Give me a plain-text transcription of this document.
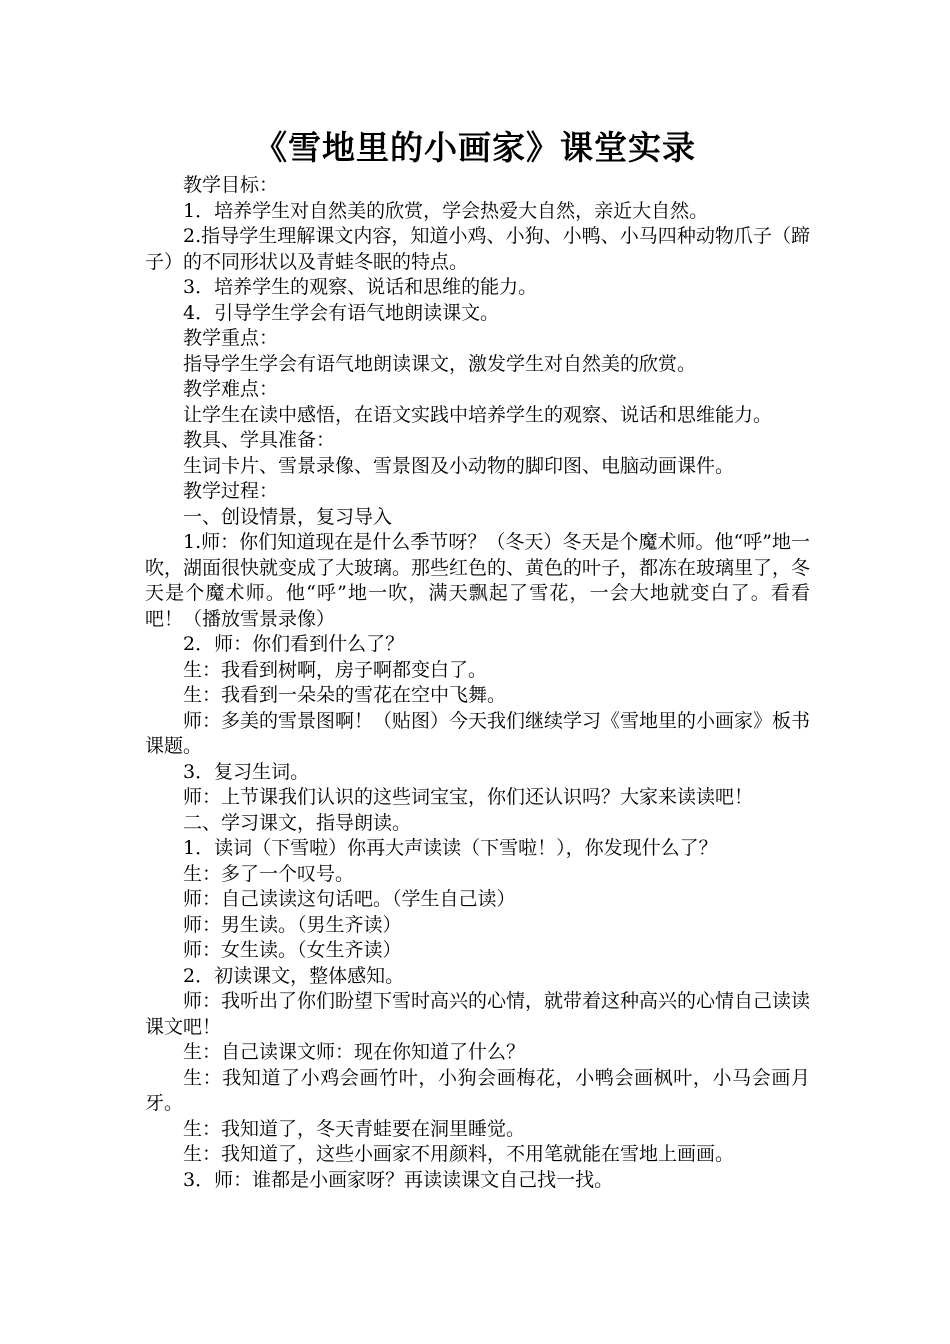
《雪地里的小画家》课堂实录

教学目标：

1．培养学生对自然美的欣赏，学会热爱大自然，亲近大自然。

2.指导学生理解课文内容，知道小鸡、小狗、小鸭、小马四种动物爪子（蹄子）的不同形状以及青蛙冬眠的特点。

3．培养学生的观察、说话和思维的能力。

4．引导学生学会有语气地朗读课文。

教学重点：

指导学生学会有语气地朗读课文，激发学生对自然美的欣赏。

教学难点：

让学生在读中感悟，在语文实践中培养学生的观察、说话和思维能力。

教具、学具准备：

生词卡片、雪景录像、雪景图及小动物的脚印图、电脑动画课件。

教学过程：

一、创设情景，复习导入

1.师：你们知道现在是什么季节呀？（冬天）冬天是个魔术师。他“呼”地一吹，湖面很快就变成了大玻璃。那些红色的、黄色的叶子，都冻在玻璃里了，冬天是个魔术师。他“呼”地一吹，满天飘起了雪花，一会大地就变白了。看看吧！（播放雪景录像）

2．师：你们看到什么了？

生：我看到树啊，房子啊都变白了。

生：我看到一朵朵的雪花在空中飞舞。

师：多美的雪景图啊！（贴图）今天我们继续学习《雪地里的小画家》板书课题。

3．复习生词。

师：上节课我们认识的这些词宝宝，你们还认识吗？大家来读读吧！

二、学习课文，指导朗读。

1．读词（下雪啦）你再大声读读（下雪啦！），你发现什么了？

生：多了一个叹号。

师：自己读读这句话吧。（学生自己读）

师：男生读。（男生齐读）

师：女生读。（女生齐读）

2．初读课文，整体感知。

师：我听出了你们盼望下雪时高兴的心情，就带着这种高兴的心情自己读读课文吧！

生：自己读课文师：现在你知道了什么？

生：我知道了小鸡会画竹叶，小狗会画梅花，小鸭会画枫叶，小马会画月牙。

生：我知道了，冬天青蛙要在洞里睡觉。

生：我知道了，这些小画家不用颜料，不用笔就能在雪地上画画。

3．师：谁都是小画家呀？再读读课文自己找一找。
